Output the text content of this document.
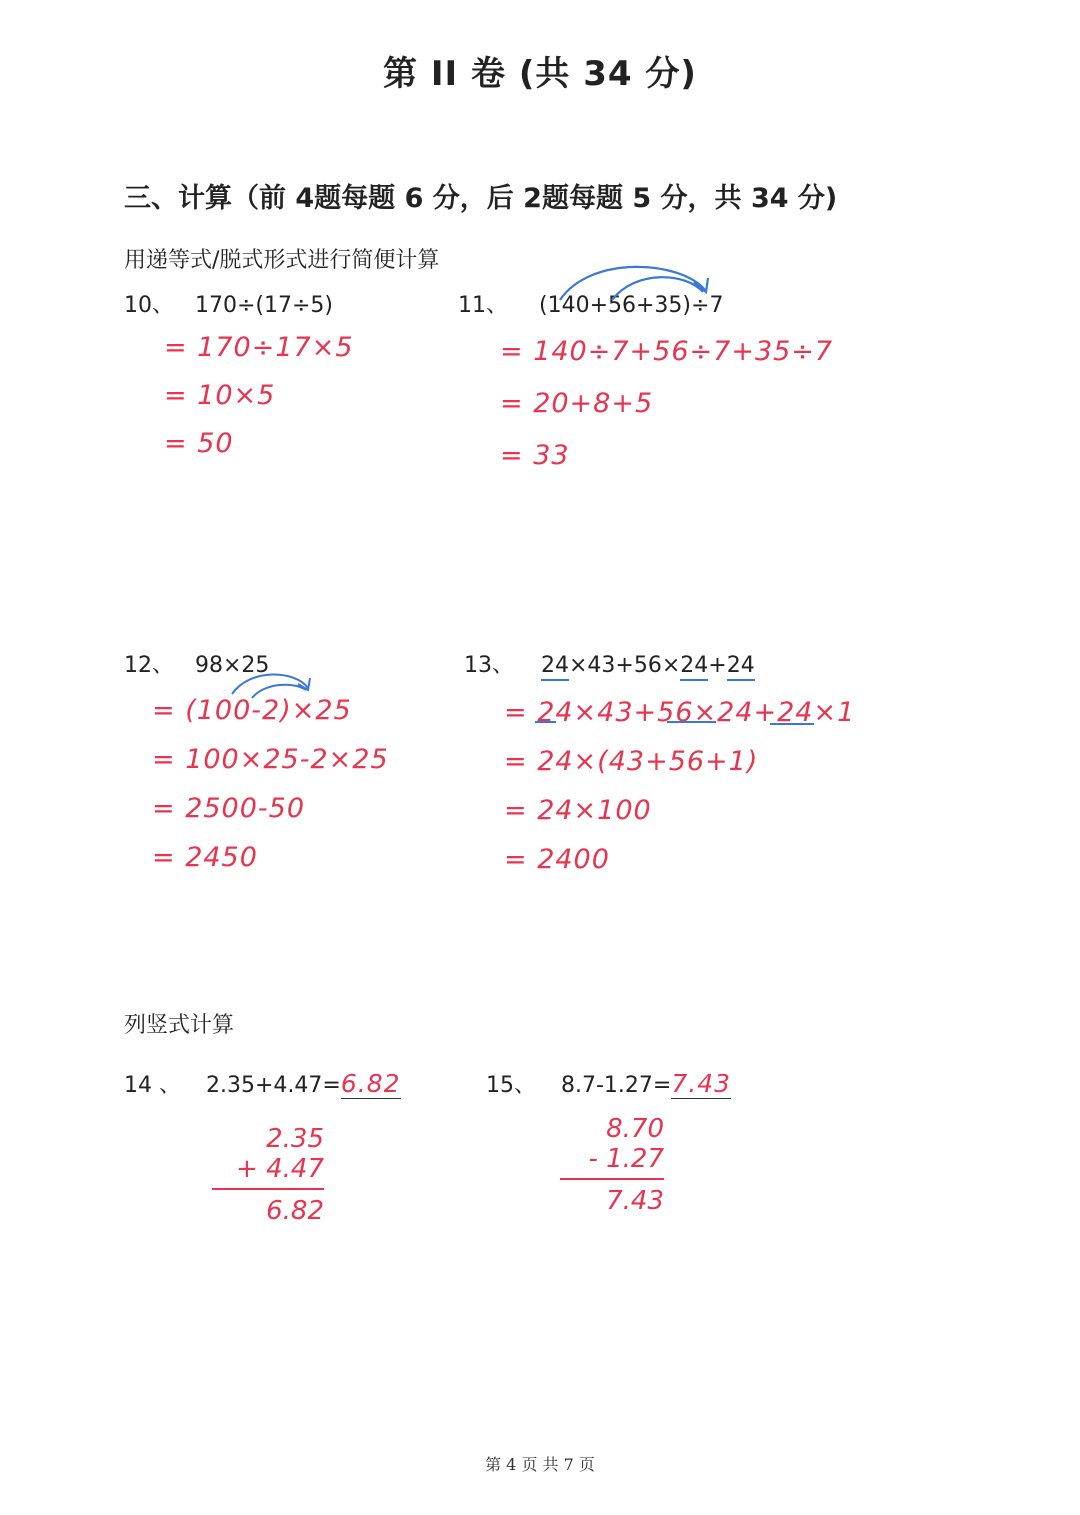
第 II 卷 (共 34 分)
三、计算（前 4题每题 6 分，后 2题每题 5 分，共 34 分)
用递等式/脱式形式进行简便计算
10、 170÷(17÷5)
= 170÷17×5
= 10×5
= 50
11、 (140+56+35)÷7
= 140÷7+56÷7+35÷7
= 20+8+5
= 33
12、 98×25
= (100-2)×25
= 100×25-2×25
= 2500-50
= 2450
13、 24×43+56×24+24
= 24×43+56×24+24×1
= 24×(43+56+1)
= 24×100
= 2400
列竖式计算
14 、 2.35+4.47=6.82
2.35
+ 4.47
6.82
15、 8.7-1.27=7.43
8.70
- 1.27
7.43
第 4 页 共 7 页
